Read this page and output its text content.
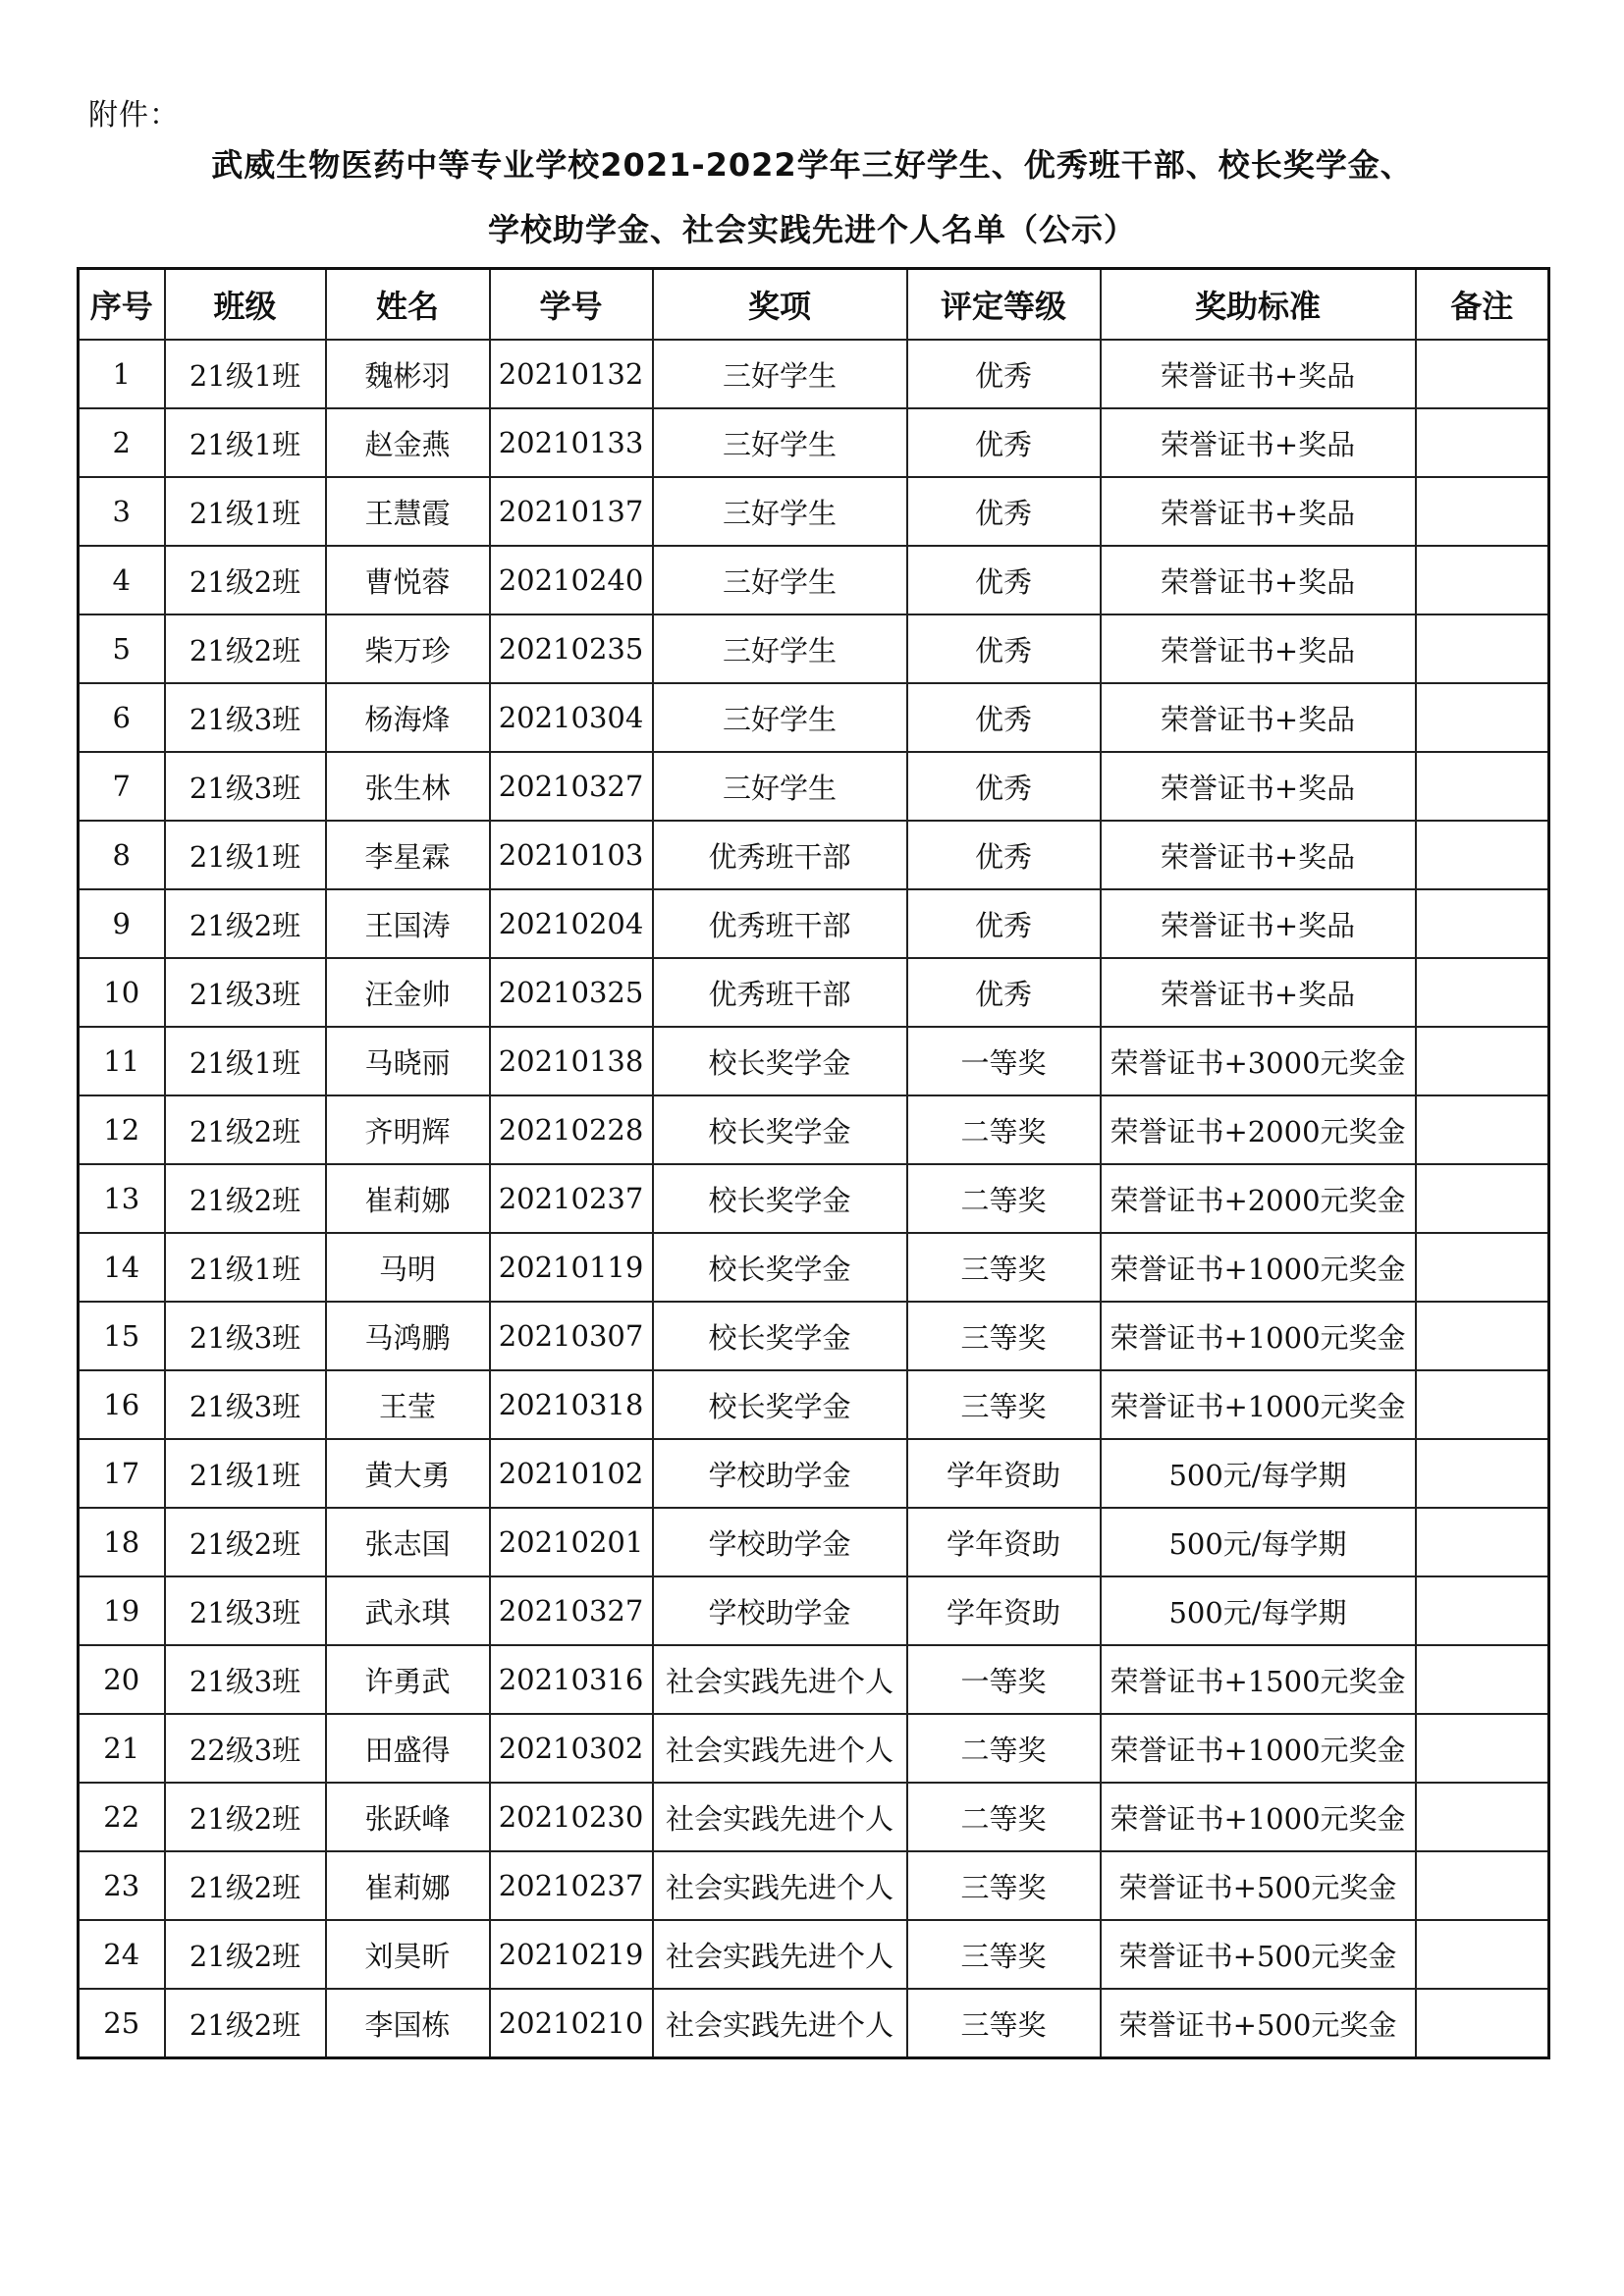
附件：
武威生物医药中等专业学校2021-2022学年三好学生、优秀班干部、校长奖学金、
学校助学金、社会实践先进个人名单（公示）
序号	班级	姓名	学号	奖项	评定等级	奖助标准	备注
1	21级1班	魏彬羽	20210132	三好学生	优秀	荣誉证书+奖品	
2	21级1班	赵金燕	20210133	三好学生	优秀	荣誉证书+奖品	
3	21级1班	王慧霞	20210137	三好学生	优秀	荣誉证书+奖品	
4	21级2班	曹悦蓉	20210240	三好学生	优秀	荣誉证书+奖品	
5	21级2班	柴万珍	20210235	三好学生	优秀	荣誉证书+奖品	
6	21级3班	杨海烽	20210304	三好学生	优秀	荣誉证书+奖品	
7	21级3班	张生林	20210327	三好学生	优秀	荣誉证书+奖品	
8	21级1班	李星霖	20210103	优秀班干部	优秀	荣誉证书+奖品	
9	21级2班	王国涛	20210204	优秀班干部	优秀	荣誉证书+奖品	
10	21级3班	汪金帅	20210325	优秀班干部	优秀	荣誉证书+奖品	
11	21级1班	马晓丽	20210138	校长奖学金	一等奖	荣誉证书+3000元奖金	
12	21级2班	齐明辉	20210228	校长奖学金	二等奖	荣誉证书+2000元奖金	
13	21级2班	崔莉娜	20210237	校长奖学金	二等奖	荣誉证书+2000元奖金	
14	21级1班	马明	20210119	校长奖学金	三等奖	荣誉证书+1000元奖金	
15	21级3班	马鸿鹏	20210307	校长奖学金	三等奖	荣誉证书+1000元奖金	
16	21级3班	王莹	20210318	校长奖学金	三等奖	荣誉证书+1000元奖金	
17	21级1班	黄大勇	20210102	学校助学金	学年资助	500元/每学期	
18	21级2班	张志国	20210201	学校助学金	学年资助	500元/每学期	
19	21级3班	武永琪	20210327	学校助学金	学年资助	500元/每学期	
20	21级3班	许勇武	20210316	社会实践先进个人	一等奖	荣誉证书+1500元奖金	
21	22级3班	田盛得	20210302	社会实践先进个人	二等奖	荣誉证书+1000元奖金	
22	21级2班	张跃峰	20210230	社会实践先进个人	二等奖	荣誉证书+1000元奖金	
23	21级2班	崔莉娜	20210237	社会实践先进个人	三等奖	荣誉证书+500元奖金	
24	21级2班	刘昊昕	20210219	社会实践先进个人	三等奖	荣誉证书+500元奖金	
25	21级2班	李国栋	20210210	社会实践先进个人	三等奖	荣誉证书+500元奖金	
